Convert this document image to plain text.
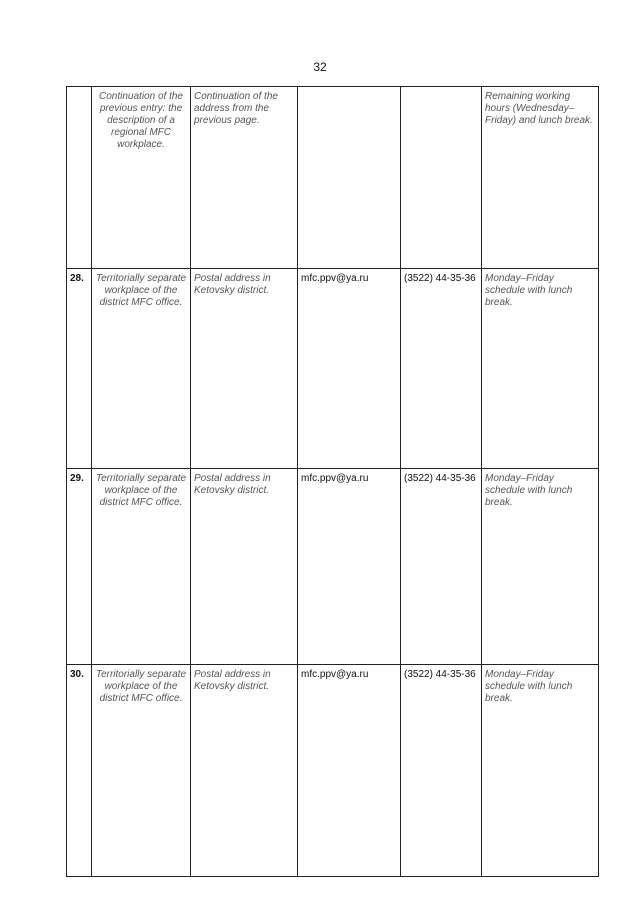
32
	Continuation of the previous entry: the description of a regional MFC workplace.	Continuation of the address from the previous page.			Remaining working hours (Wednesday–Friday) and lunch break.
28.	Territorially separate workplace of the district MFC office.	Postal address in Ketovsky district.	mfc.ppv@ya.ru	(3522) 44-35-36	Monday–Friday schedule with lunch break.
29.	Territorially separate workplace of the district MFC office.	Postal address in Ketovsky district.	mfc.ppv@ya.ru	(3522) 44-35-36	Monday–Friday schedule with lunch break.
30.	Territorially separate workplace of the district MFC office.	Postal address in Ketovsky district.	mfc.ppv@ya.ru	(3522) 44-35-36	Monday–Friday schedule with lunch break.
